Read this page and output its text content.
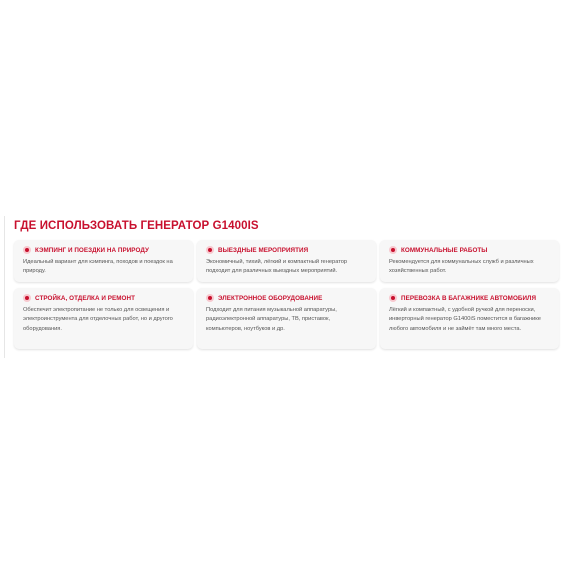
ГДЕ ИСПОЛЬЗОВАТЬ ГЕНЕРАТОР G1400IS
КЭМПИНГ И ПОЕЗДКИ НА ПРИРОДУ

Идеальный вариант для кэмпинга, походов и поездок на природу.

ВЫЕЗДНЫЕ МЕРОПРИЯТИЯ

Экономичный, тихий, лёгкий и компактный генератор подходит для различных выездных мероприятий.

КОММУНАЛЬНЫЕ РАБОТЫ

Рекомендуется для коммунальных служб и различных хозяйственных работ.

СТРОЙКА, ОТДЕЛКА И РЕМОНТ

Обеспечит электропитание не только для освещения и электроинструмента для отделочных работ, но и другого оборудования.

ЭЛЕКТРОННОЕ ОБОРУДОВАНИЕ

Подходит для питания музыкальной аппаратуры, радиоэлектронной аппаратуры, ТВ, приставок, компьютеров, ноутбуков и др.

ПЕРЕВОЗКА В БАГАЖНИКЕ АВТОМОБИЛЯ

Лёгкий и компактный, с удобной ручкой для переноски, инверторный генератор G1400iS поместится в багажнике любого автомобиля и не займёт там много места.
